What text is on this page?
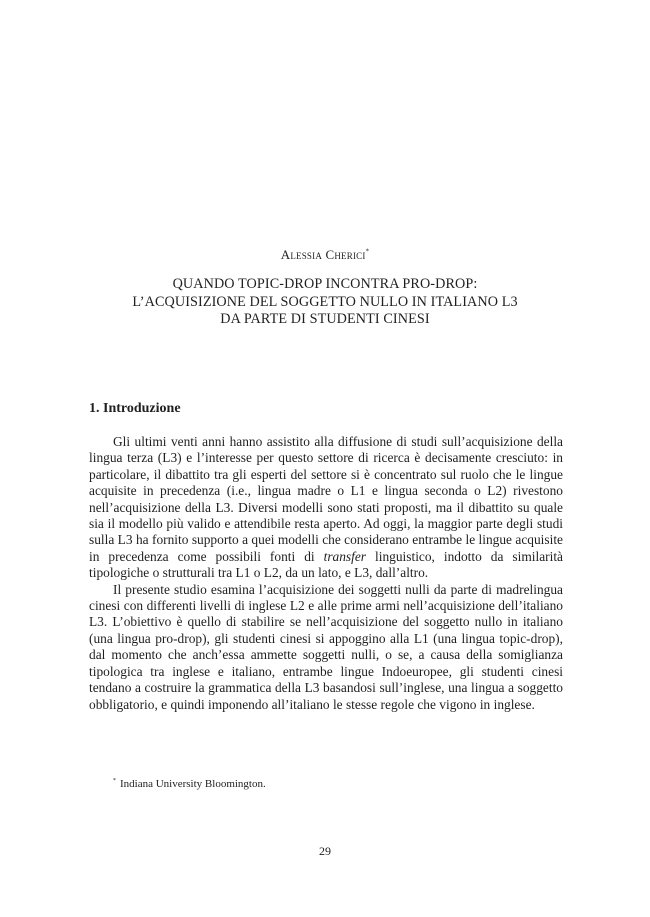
Alessia Cherici*
QUANDO TOPIC-DROP INCONTRA PRO-DROP:
L’ACQUISIZIONE DEL SOGGETTO NULLO IN ITALIANO L3
DA PARTE DI STUDENTI CINESI
1. Introduzione

Gli ultimi venti anni hanno assistito alla diffusione di studi sull’acquisizione della lingua terza (L3) e l’interesse per questo settore di ricerca è decisamente cresciuto: in particolare, il dibattito tra gli esperti del settore si è concentrato sul ruolo che le lingue acquisite in precedenza (i.e., lingua madre o L1 e lingua seconda o L2) rivestono nell’acquisizione della L3. Diversi modelli sono stati proposti, ma il dibattito su quale sia il modello più valido e attendibile resta aperto. Ad oggi, la maggior parte degli studi sulla L3 ha fornito supporto a quei modelli che considerano entrambe le lingue acquisite in precedenza come possibili fonti di transfer linguistico, indotto da similarità tipologiche o strutturali tra L1 o L2, da un lato, e L3, dall’altro.

Il presente studio esamina l’acquisizione dei soggetti nulli da parte di madrelingua cinesi con differenti livelli di inglese L2 e alle prime armi nell’acquisizione dell’italiano L3. L’obiettivo è quello di stabilire se nell’acquisizione del soggetto nullo in italiano (una lingua pro-drop), gli studenti cinesi si appoggino alla L1 (una lingua topic-drop), dal momento che anch’essa ammette soggetti nulli, o se, a causa della somiglianza tipologica tra inglese e italiano, entrambe lingue Indoeuropee, gli studenti cinesi tendano a costruire la grammatica della L3 basandosi sull’inglese, una lingua a soggetto obbligatorio, e quindi imponendo all’italiano le stesse regole che vigono in inglese.

* Indiana University Bloomington.
29
